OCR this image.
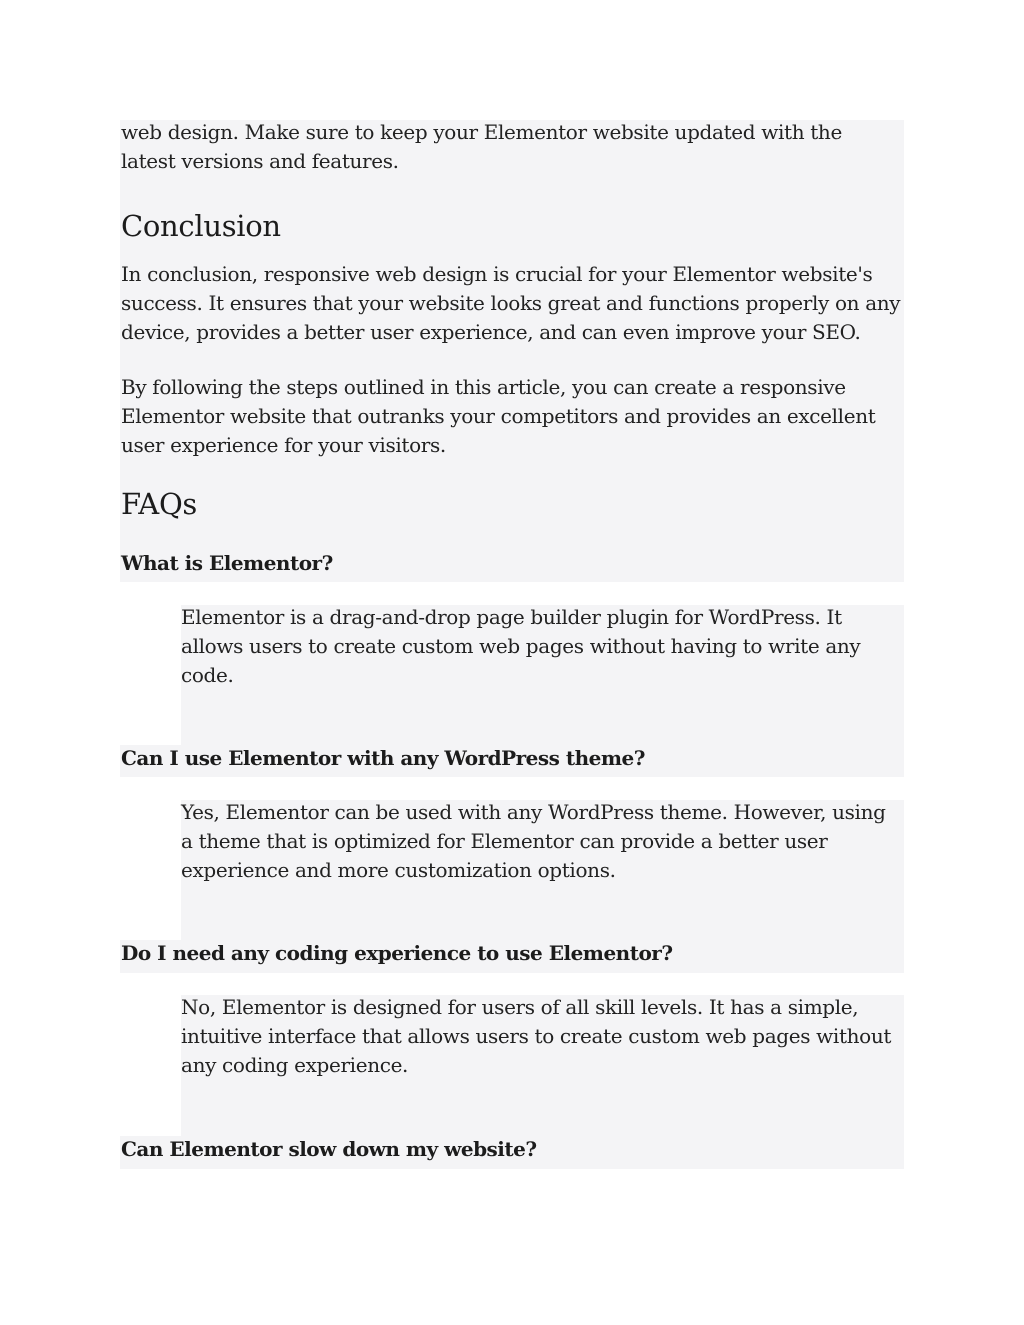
web design. Make sure to keep your Elementor website updated with the latest versions and features.

Conclusion

In conclusion, responsive web design is crucial for your Elementor website's success. It ensures that your website looks great and functions properly on any device, provides a better user experience, and can even improve your SEO.

By following the steps outlined in this article, you can create a responsive Elementor website that outranks your competitors and provides an excellent user experience for your visitors.

FAQs

What is Elementor?

Elementor is a drag-and-drop page builder plugin for WordPress. It allows users to create custom web pages without having to write any code.

Can I use Elementor with any WordPress theme?

Yes, Elementor can be used with any WordPress theme. However, using a theme that is optimized for Elementor can provide a better user experience and more customization options.

Do I need any coding experience to use Elementor?

No, Elementor is designed for users of all skill levels. It has a simple, intuitive interface that allows users to create custom web pages without any coding experience.

Can Elementor slow down my website?
